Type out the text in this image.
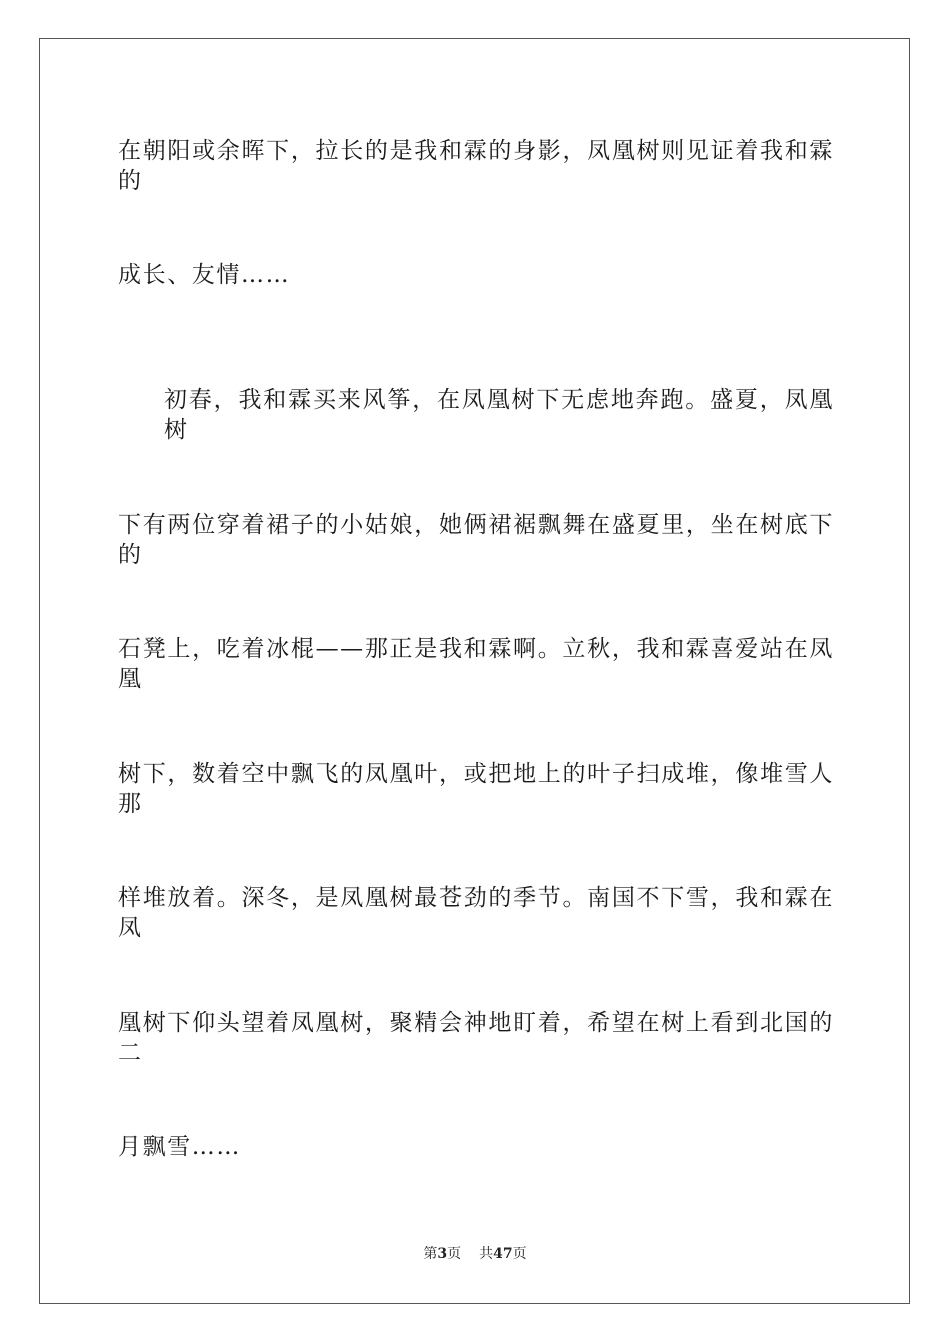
在朝阳或余晖下，拉长的是我和霖的身影，凤凰树则见证着我和霖的
成长、友情……
初春，我和霖买来风筝，在凤凰树下无虑地奔跑。盛夏，凤凰树
下有两位穿着裙子的小姑娘，她俩裙裾飘舞在盛夏里，坐在树底下的
石凳上，吃着冰棍——那正是我和霖啊。立秋，我和霖喜爱站在凤凰
树下，数着空中飘飞的凤凰叶，或把地上的叶子扫成堆，像堆雪人那
样堆放着。深冬，是凤凰树最苍劲的季节。南国不下雪，我和霖在凤
凰树下仰头望着凤凰树，聚精会神地盯着，希望在树上看到北国的二
月飘雪……
第3页 共47页
